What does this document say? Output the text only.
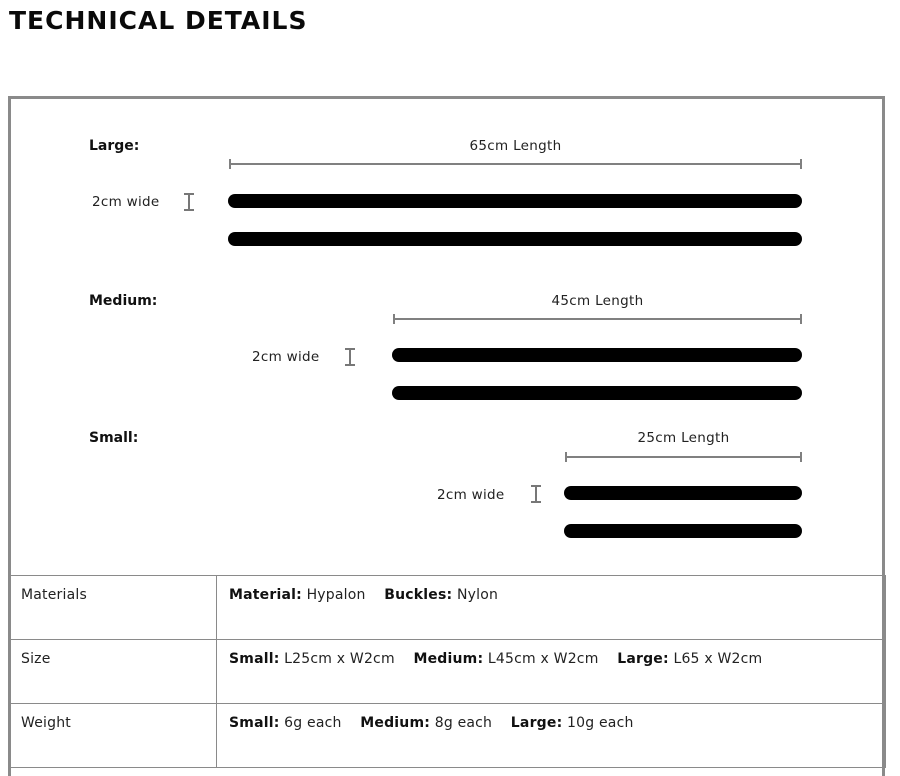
TECHNICAL DETAILS
Large:	65cm Length
2cm wide
Medium:	45cm Length
2cm wide
Small:	25cm Length
2cm wide
Materials	Material: Hypalon Buckles: Nylon
Size	Small: L25cm x W2cm Medium: L45cm x W2cm Large: L65 x W2cm
Weight	Small: 6g each Medium: 8g each Large: 10g each
